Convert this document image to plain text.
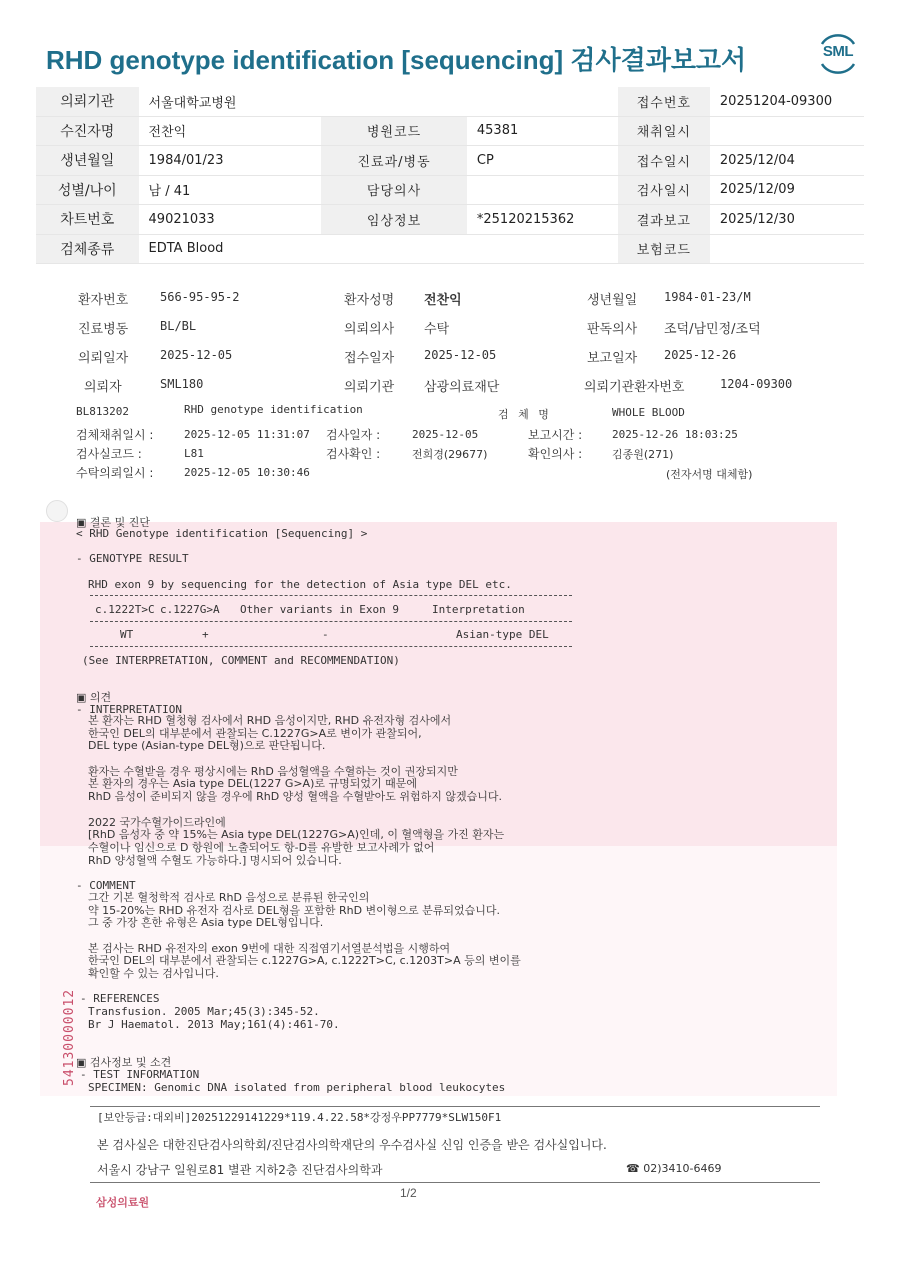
RHD genotype identification [sequencing] 검사결과보고서	SML
의뢰기관	서울대학교병원			접수번호	20251204-09300
수진자명	전찬익	병원코드	45381	채취일시	
생년월일	1984/01/23	진료과/병동	CP	접수일시	2025/12/04
성별/나이	남 / 41	담당의사		검사일시	2025/12/09
차트번호	49021033	임상정보	*25120215362	결과보고	2025/12/30
검체종류	EDTA Blood			보험코드	
환자번호	566-95-95-2	환자성명 전찬익	생년월일 1984-01-23/M
진료병동	BL/BL	의뢰의사 수탁	판독의사 조덕/남민정/조덕
의뢰일자	2025-12-05	접수일자 2025-12-05	보고일자 2025-12-26
의뢰자	SML180	의뢰기관 삼광의료재단	의뢰기관환자번호	1204-09300
BL813202	RHD genotype identification	검 체 명	WHOLE BLOOD
검체채취일시 :	2025-12-05 11:31:07 검사일자 :	2025-12-05	보고시간 :	2025-12-26 18:03:25
검사실코드 :	L81	검사확인 :	전희경(29677)	확인의사 :	김종원(271)
수탁의뢰일시 :	2025-12-05 10:30:46	(전자서명 대체함)
▣ 결론 및 진단
< RHD Genotype identification [Sequencing] >
- GENOTYPE RESULT
RHD exon 9 by sequencing for the detection of Asia type DEL etc.
c.1222T>C c.1227G>A Other variants in Exon 9	Interpretation
WT	+	-	Asian-type DEL
(See INTERPRETATION, COMMENT and RECOMMENDATION)
▣ 의견
- INTERPRETATION
본 환자는 RHD 혈청형 검사에서 RHD 음성이지만, RHD 유전자형 검사에서
한국인 DEL의 대부분에서 관찰되는 C.1227G>A로 변이가 관찰되어,
DEL type (Asian-type DEL형)으로 판단됩니다.
환자는 수혈받을 경우 평상시에는 RhD 음성혈액을 수혈하는 것이 권장되지만
본 환자의 경우는 Asia type DEL(1227 G>A)로 규명되었기 때문에
RhD 음성이 준비되지 않을 경우에 RhD 양성 혈액을 수혈받아도 위험하지 않겠습니다.
2022 국가수혈가이드라인에
[RhD 음성자 중 약 15%는 Asia type DEL(1227G>A)인데, 이 혈액형을 가진 환자는
수혈이나 임신으로 D 항원에 노출되어도 항-D를 유발한 보고사례가 없어
RhD 양성혈액 수혈도 가능하다.] 명시되어 있습니다.
- COMMENT
그간 기본 혈청학적 검사로 RhD 음성으로 분류된 한국인의
약 15-20%는 RHD 유전자 검사로 DEL형을 포함한 RhD 변이형으로 분류되었습니다.
그 중 가장 흔한 유형은 Asia type DEL형입니다.
본 검사는 RHD 유전자의 exon 9번에 대한 직접염기서열분석법을 시행하여
한국인 DEL의 대부분에서 관찰되는 c.1227G>A, c.1222T>C, c.1203T>A 등의 변이를
확인할 수 있는 검사입니다.
- REFERENCES
Transfusion. 2005 Mar;45(3):345-52.
Br J Haematol. 2013 May;161(4):461-70.
▣ 검사정보 및 소견
- TEST INFORMATION
SPECIMEN: Genomic DNA isolated from peripheral blood leukocytes
54130000012
[보안등급:대외비]20251229141229*119.4.22.58*강정우PP7779*SLW150F1
본 검사실은 대한진단검사의학회/진단검사의학재단의 우수검사실 신임 인증을 받은 검사실입니다.
서울시 강남구 일원로81 별관 지하2층 진단검사의학과	☎ 02)3410-6469
1/2
삼성의료원
